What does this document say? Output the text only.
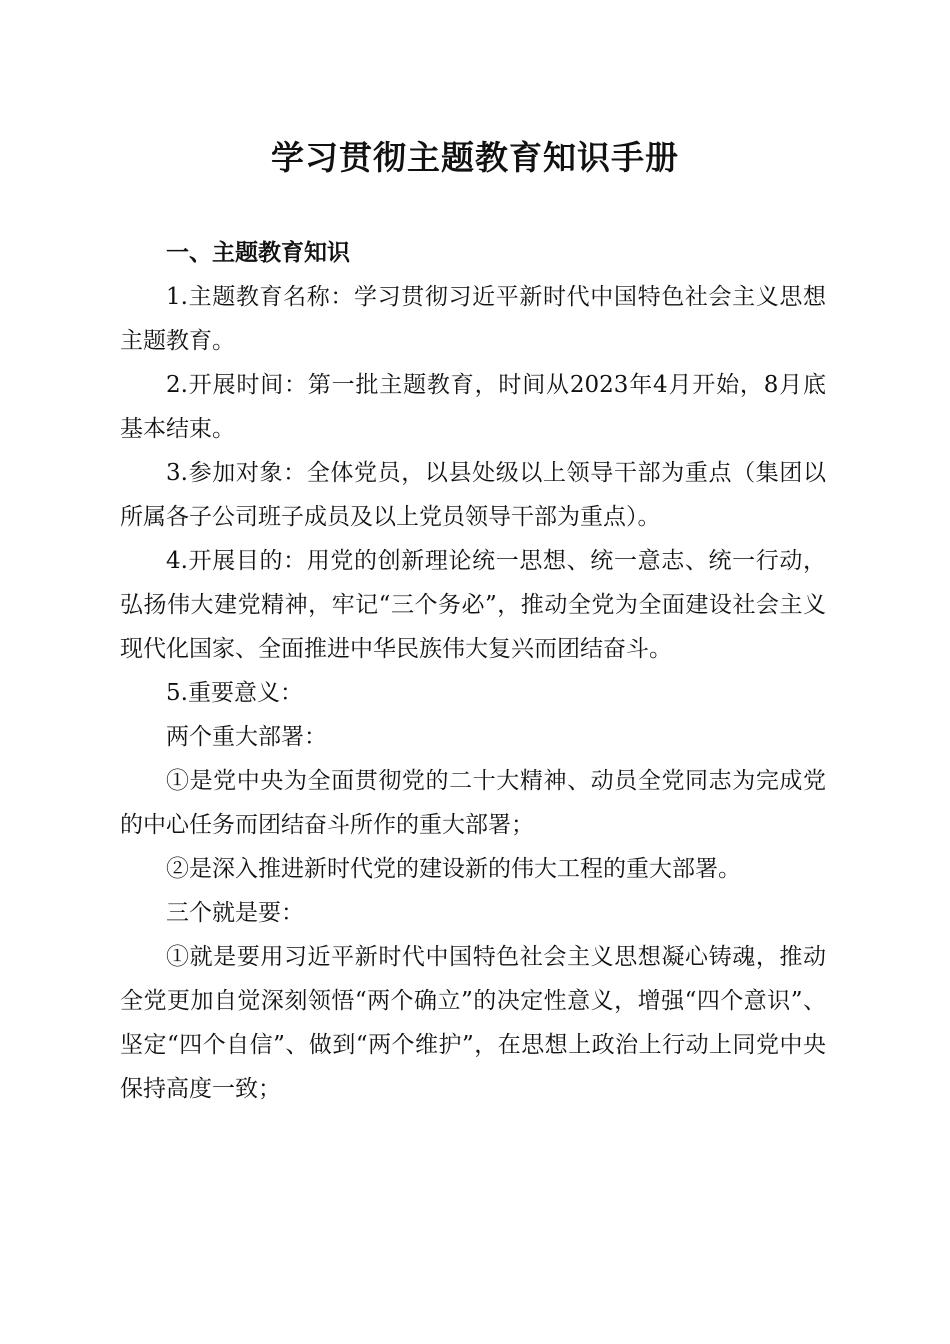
学习贯彻主题教育知识手册

一、主题教育知识

1.主题教育名称：学习贯彻习近平新时代中国特色社会主义思想主题教育。

2.开展时间：第一批主题教育，时间从2023年4月开始，8月底基本结束。

3.参加对象：全体党员，以县处级以上领导干部为重点（集团以所属各子公司班子成员及以上党员领导干部为重点）。

4.开展目的：用党的创新理论统一思想、统一意志、统一行动，弘扬伟大建党精神，牢记“三个务必”，推动全党为全面建设社会主义现代化国家、全面推进中华民族伟大复兴而团结奋斗。

5.重要意义：

两个重大部署：

①是党中央为全面贯彻党的二十大精神、动员全党同志为完成党的中心任务而团结奋斗所作的重大部署；

②是深入推进新时代党的建设新的伟大工程的重大部署。

三个就是要：

①就是要用习近平新时代中国特色社会主义思想凝心铸魂，推动全党更加自觉深刻领悟“两个确立”的决定性意义，增强“四个意识”、坚定“四个自信”、做到“两个维护”，在思想上政治上行动上同党中央保持高度一致；
